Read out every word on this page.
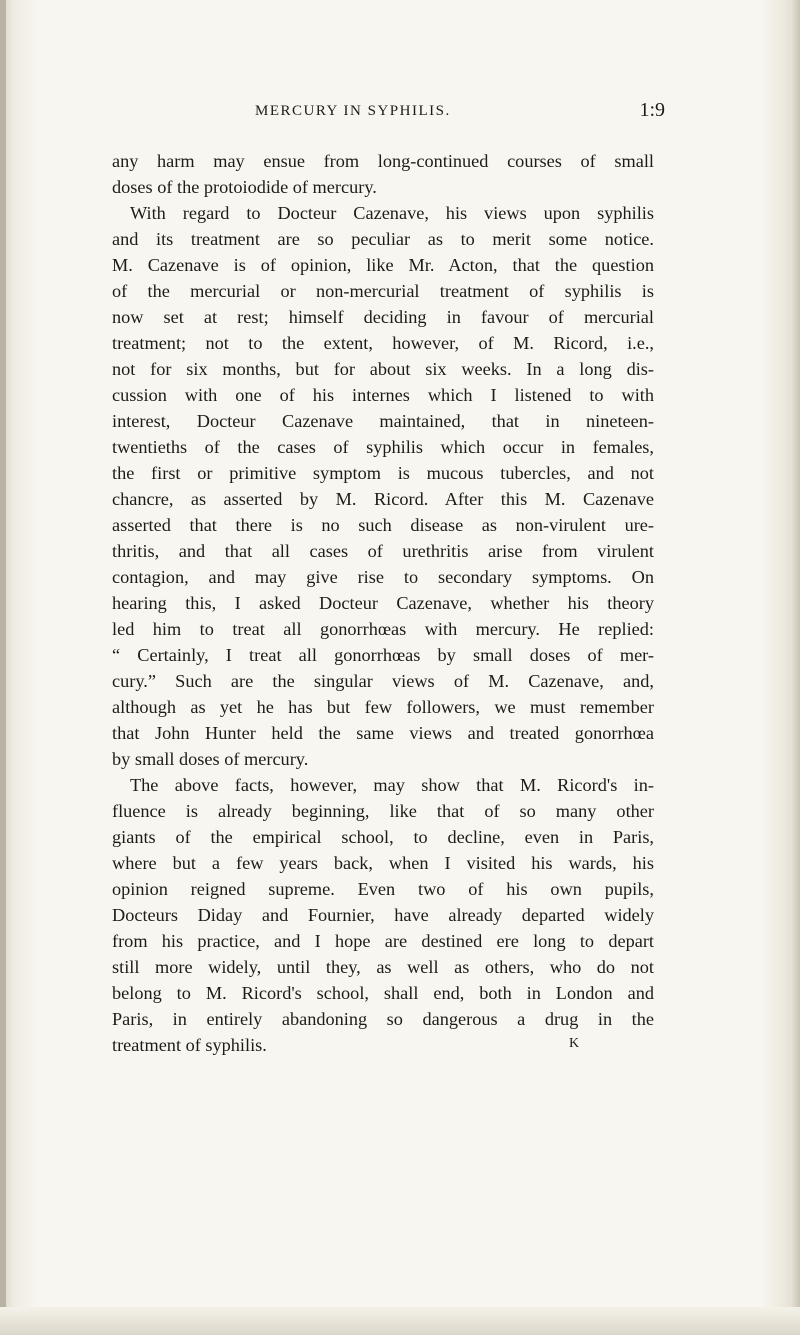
MERCURY IN SYPHILIS.	1:9
any harm may ensue from long-continued courses of small
doses of the protoiodide of mercury.
With regard to Docteur Cazenave, his views upon syphilis
and its treatment are so peculiar as to merit some notice.
M. Cazenave is of opinion, like Mr. Acton, that the question
of the mercurial or non-mercurial treatment of syphilis is
now set at rest; himself deciding in favour of mercurial
treatment; not to the extent, however, of M. Ricord, i.e.,
not for six months, but for about six weeks. In a long dis-
cussion with one of his internes which I listened to with
interest, Docteur Cazenave maintained, that in nineteen-
twentieths of the cases of syphilis which occur in females,
the first or primitive symptom is mucous tubercles, and not
chancre, as asserted by M. Ricord. After this M. Cazenave
asserted that there is no such disease as non-virulent ure-
thritis, and that all cases of urethritis arise from virulent
contagion, and may give rise to secondary symptoms. On
hearing this, I asked Docteur Cazenave, whether his theory
led him to treat all gonorrhœas with mercury. He replied:
“ Certainly, I treat all gonorrhœas by small doses of mer-
cury.” Such are the singular views of M. Cazenave, and,
although as yet he has but few followers, we must remember
that John Hunter held the same views and treated gonorrhœa
by small doses of mercury.
The above facts, however, may show that M. Ricord's in-
fluence is already beginning, like that of so many other
giants of the empirical school, to decline, even in Paris,
where but a few years back, when I visited his wards, his
opinion reigned supreme. Even two of his own pupils,
Docteurs Diday and Fournier, have already departed widely
from his practice, and I hope are destined ere long to depart
still more widely, until they, as well as others, who do not
belong to M. Ricord's school, shall end, both in London and
Paris, in entirely abandoning so dangerous a drug in the
treatment of syphilis.	K
